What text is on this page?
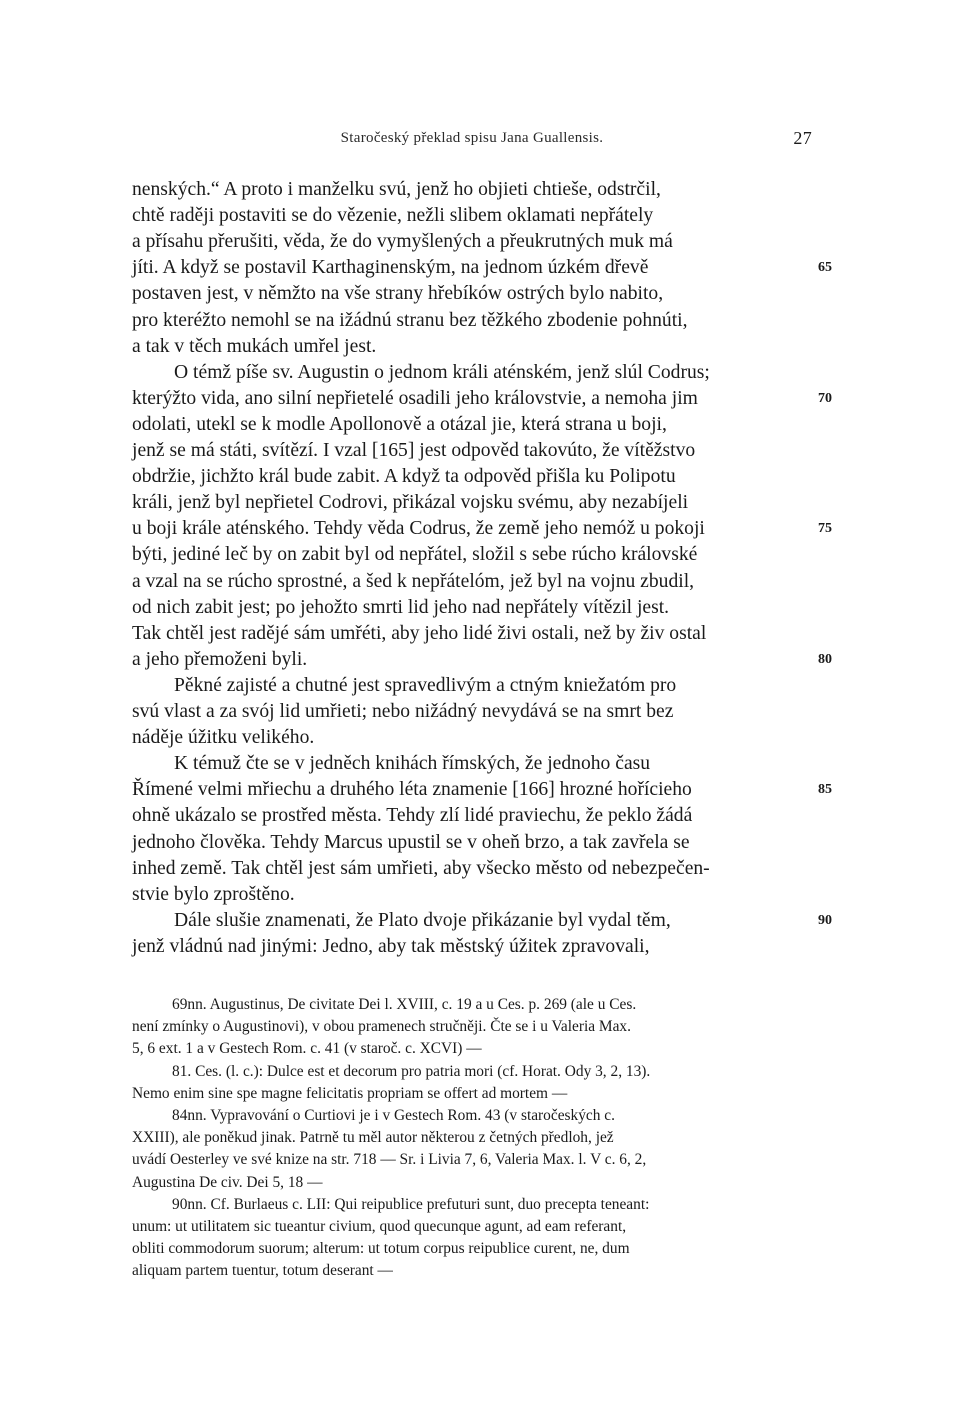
Staročeský překlad spisu Jana Guallensis.	27
nenských.“ A proto i manželku svú, jenž ho objieti chtieše, odstrčil,
chtě raději postaviti se do vězenie, nežli slibem oklamati nepřátely
a přísahu přerušiti, věda, že do vymyšlených a přeukrutných muk má
jíti. A když se postavil Karthaginenským, na jednom úzkém dřevě	65
postaven jest, v němžto na vše strany hřebíków ostrých bylo nabito,
pro kteréžto nemohl se na ižádnú stranu bez těžkého zbodenie pohnúti,
a tak v těch mukách umřel jest.
O témž píše sv. Augustin o jednom králi aténském, jenž slúl Codrus;
kterýžto vida, ano silní nepřietelé osadili jeho královstvie, a nemoha jim	70
odolati, utekl se k modle Apollonově a otázal jie, která strana u boji,
jenž se má státi, svítězí. I vzal [165] jest odpověd takovúto, že vítěžstvo
obdržie, jichžto král bude zabit. A když ta odpověd přišla ku Polipotu
králi, jenž byl nepřietel Codrovi, přikázal vojsku svému, aby nezabíjeli
u boji krále aténského. Tehdy věda Codrus, že země jeho nemóž u pokoji	75
býti, jediné leč by on zabit byl od nepřátel, složil s sebe rúcho královské
a vzal na se rúcho sprostné, a šed k nepřátelóm, jež byl na vojnu zbudil,
od nich zabit jest; po jehožto smrti lid jeho nad nepřátely vítězil jest.
Tak chtěl jest radějé sám umřéti, aby jeho lidé živi ostali, než by živ ostal
a jeho přemoženi byli.	80
Pěkné zajisté a chutné jest spravedlivým a ctným kniežatóm pro
svú vlast a za svój lid umřieti; nebo nižádný nevydává se na smrt bez
náděje úžitku velikého.
K témuž čte se v jedněch knihách římských, že jednoho času
Římené velmi mřiechu a druhého léta znamenie [166] hrozné hořícieho	85
ohně ukázalo se prostřed města. Tehdy zlí lidé praviechu, že peklo žádá
jednoho člověka. Tehdy Marcus upustil se v oheň brzo, a tak zavřela se
inhed země. Tak chtěl jest sám umřieti, aby všecko město od nebezpečen-
stvie bylo zproštěno.
Dále slušie znamenati, že Plato dvoje přikázanie byl vydal těm,	90
jenž vládnú nad jinými: Jedno, aby tak městský úžitek zpravovali,
69nn. Augustinus, De civitate Dei l. XVIII, c. 19 a u Ces. p. 269 (ale u Ces.
není zmínky o Augustinovi), v obou pramenech stručněji. Čte se i u Valeria Max.
5, 6 ext. 1 a v Gestech Rom. c. 41 (v staroč. c. XCVI) —
81. Ces. (l. c.): Dulce est et decorum pro patria mori (cf. Horat. Ody 3, 2, 13).
Nemo enim sine spe magne felicitatis propriam se offert ad mortem —
84nn. Vypravování o Curtiovi je i v Gestech Rom. 43 (v staročeských c.
XXIII), ale poněkud jinak. Patrně tu měl autor některou z četných předloh, jež
uvádí Oesterley ve své knize na str. 718 — Sr. i Livia 7, 6, Valeria Max. l. V c. 6, 2,
Augustina De civ. Dei 5, 18 —
90nn. Cf. Burlaeus c. LII: Qui reipublice prefuturi sunt, duo precepta teneant:
unum: ut utilitatem sic tueantur civium, quod quecunque agunt, ad eam referant,
obliti commodorum suorum; alterum: ut totum corpus reipublice curent, ne, dum
aliquam partem tuentur, totum deserant —
